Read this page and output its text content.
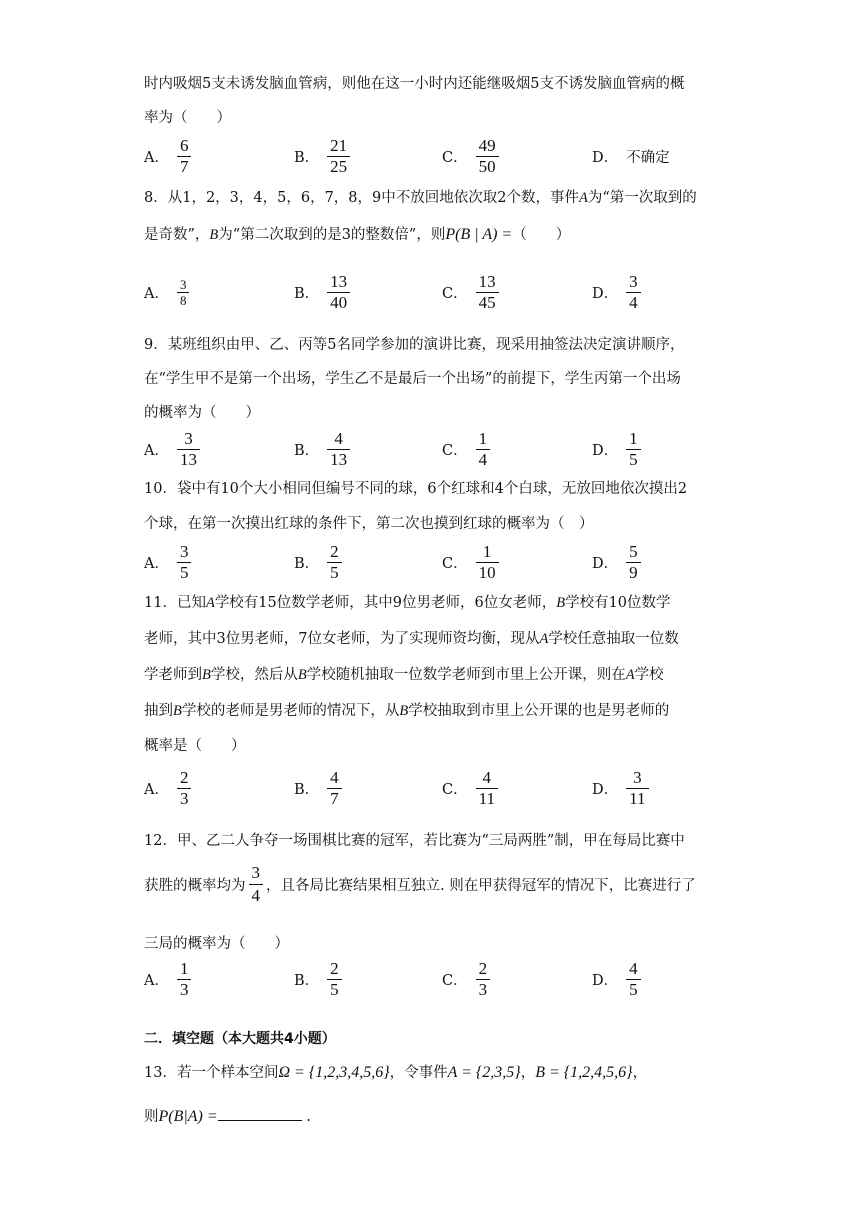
时内吸烟5支未诱发脑血管病，则他在这一小时内还能继吸烟5支不诱发脑血管病的概
率为（　　）
A． $\frac{6}{7}$	B． $\frac{21}{25}$	C． $\frac{49}{50}$	D． 不确定
8．从1，2，3，4，5，6，7，8，9中不放回地依次取2个数，事件A为“第一次取到的
是奇数”，B为“第二次取到的是3的整数倍”，则P(B | A) =（　　）
A． $\frac{3}{8}$	B． $\frac{13}{40}$	C． $\frac{13}{45}$	D． $\frac{3}{4}$
9．某班组织由甲、乙、丙等5名同学参加的演讲比赛，现采用抽签法决定演讲顺序，
在“学生甲不是第一个出场，学生乙不是最后一个出场”的前提下，学生丙第一个出场
的概率为（　　）
A． $\frac{3}{13}$	B． $\frac{4}{13}$	C． $\frac{1}{4}$	D． $\frac{1}{5}$
10．袋中有10个大小相同但编号不同的球，6个红球和4个白球，无放回地依次摸出2
个球，在第一次摸出红球的条件下，第二次也摸到红球的概率为（　）
A． $\frac{3}{5}$	B． $\frac{2}{5}$	C． $\frac{1}{10}$	D． $\frac{5}{9}$
11．已知A学校有15位数学老师，其中9位男老师，6位女老师，B学校有10位数学
老师，其中3位男老师，7位女老师，为了实现师资均衡，现从A学校任意抽取一位数
学老师到B学校，然后从B学校随机抽取一位数学老师到市里上公开课，则在A学校
抽到B学校的老师是男老师的情况下，从B学校抽取到市里上公开课的也是男老师的
概率是（　　）
A． $\frac{2}{3}$	B． $\frac{4}{7}$	C． $\frac{4}{11}$	D． $\frac{3}{11}$
12．甲、乙二人争夺一场围棋比赛的冠军，若比赛为“三局两胜”制，甲在每局比赛中
获胜的概率均为 $\frac{3}{4}$ ，且各局比赛结果相互独立. 则在甲获得冠军的情况下，比赛进行了
三局的概率为（　　）
A． $\frac{1}{3}$	B． $\frac{2}{5}$	C． $\frac{2}{3}$	D． $\frac{4}{5}$
二．填空题（本大题共4小题）
13．若一个样本空间Ω = {1,2,3,4,5,6}，令事件A = {2,3,5}，B = {1,2,4,5,6}，
则P(B|A) =	.
